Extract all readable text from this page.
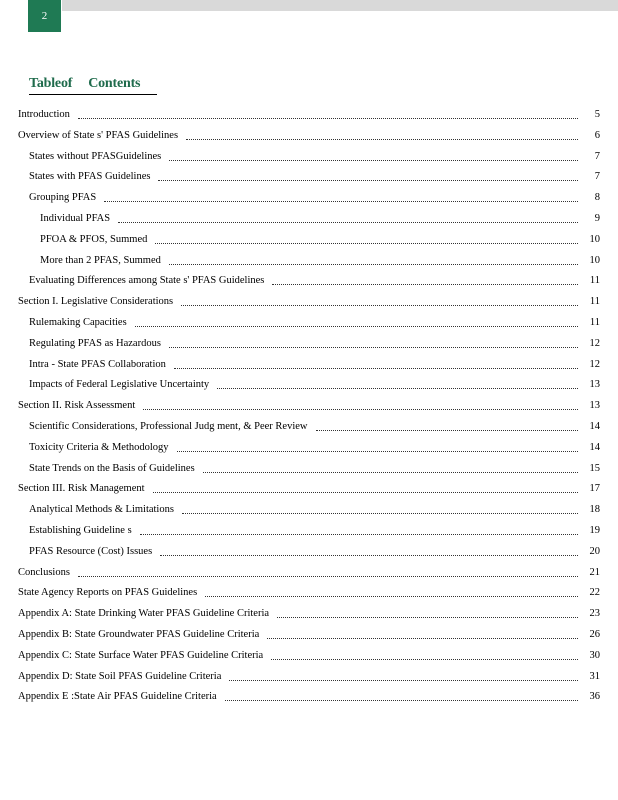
2
Tableof Contents
Introduction	5
Overview of State s' PFAS Guidelines	6
States without PFASGuidelines	7
States with PFAS Guidelines	7
Grouping PFAS	8
Individual PFAS	9
PFOA & PFOS, Summed	10
More than 2 PFAS, Summed	10
Evaluating Differences among State s' PFAS Guidelines	11
Section I. Legislative Considerations	11
Rulemaking Capacities	11
Regulating PFAS as Hazardous	12
Intra - State PFAS Collaboration	12
Impacts of Federal Legislative Uncertainty	13
Section II. Risk Assessment	13
Scientific Considerations, Professional Judg ment, & Peer Review	14
Toxicity Criteria & Methodology	14
State Trends on the Basis of Guidelines	15
Section III. Risk Management	17
Analytical Methods & Limitations	18
Establishing Guideline s	19
PFAS Resource (Cost) Issues	20
Conclusions	21
State Agency Reports on PFAS Guidelines	22
Appendix A: State Drinking Water PFAS Guideline Criteria	23
Appendix B: State Groundwater PFAS Guideline Criteria	26
Appendix C: State Surface Water PFAS Guideline Criteria	30
Appendix D: State Soil PFAS Guideline Criteria	31
Appendix E :State Air PFAS Guideline Criteria	36
